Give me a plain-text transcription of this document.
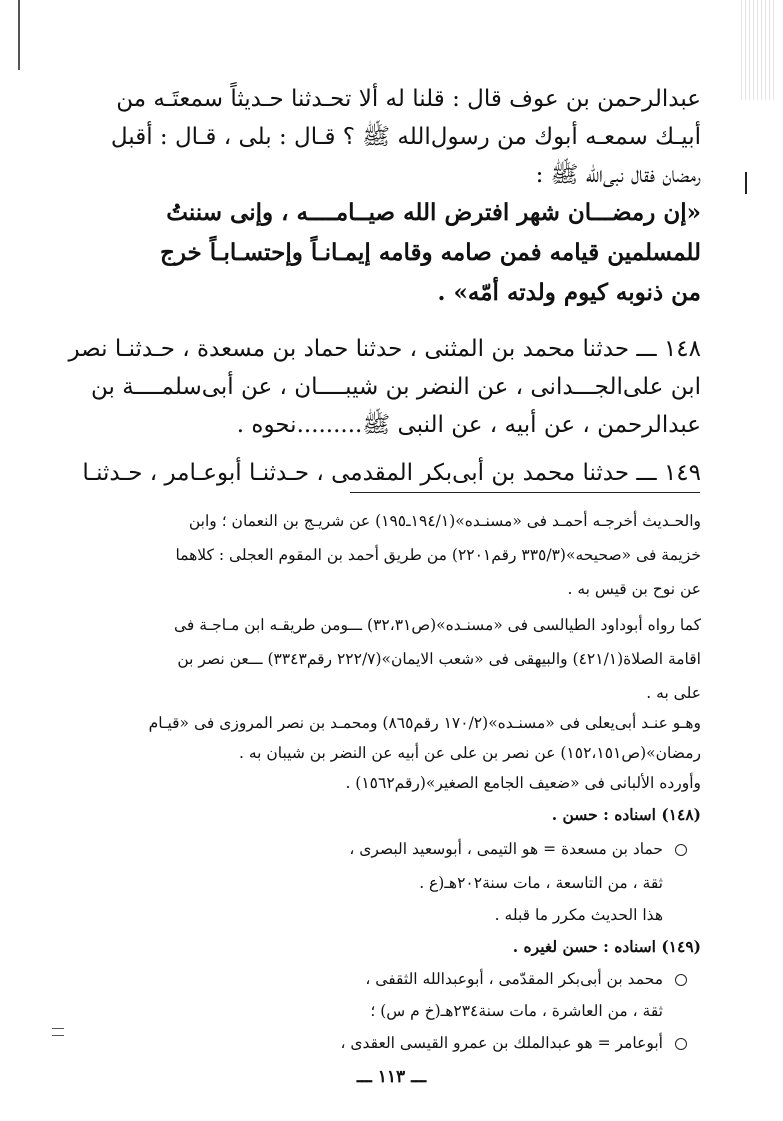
عبدالرحمن بن عوف قال : قلنا له ألا تحـدثنا حـديثاً سمعتَـه من
أبيـك سمعـه أبوك من رسول‌الله ﷺ ؟ قـال : بلى ، قـال : أقبل
رمضان فقال نبى‌الله ﷺ :
«إن رمضـــان شهر افترض الله صيــامــــه ، وإنى سننتُ
للمسلمين قيامه فمن صامه وقامه إيمـانـاً وإحتسـابـاً خرج
من ذنوبه كيوم ولدته أمّه» .
١٤٨ ـــ حدثنا محمد بن المثنى ، حدثنا حماد بن مسعدة ، حـدثنـا نصر
ابن على‌الجـــدانى ، عن النضر بن شيبــــان ، عن أبى‌سلمــــة بن
عبدالرحمن ، عن أبيه ، عن النبى ﷺ.........نحوه .
١٤٩ ـــ حدثنا محمد بن أبى‌بكر المقدمى ، حـدثنـا أبوعـامر ، حـدثنـا
والحـديث أخرجـه أحمـد فى «مسنـده»(١٩٤/١ـ١٩٥) عن شريـج بن النعمان ؛ وابن
خزيمة فى «صحيحه»(٣٣٥/٣ رقم٢٢٠١) من طريق أحمد بن المقوم العجلى : كلاهما
عن نوح بن قيس به .
كما رواه أبوداود الطيالسى فى «مسنـده»(ص٣٢،٣١) ـــومن طريقـه ابن مـاجـة فى
اقامة الصلاة(٤٢١/١) والبيهقى فى «شعب الايمان»(٢٢٢/٧ رقم٣٣٤٣) ـــعن نصر بن
على به .
وهـو عنـد أبى‌يعلى فى «مسنـده»(١٧٠/٢ رقم٨٦٥) ومحمـد بن نصر المروزى فى «قيـام
رمضان»(ص١٥٢،١٥١) عن نصر بن على عن أبيه عن النضر بن شيبان به .
وأورده الألبانى فى «ضعيف الجامع الصغير»(رقم١٥٦٢) .
(١٤٨) اسناده : حسن .
حماد بن مسعدة = هو التيمى ، أبوسعيد البصرى ،
ثقة ، من التاسعة ، مات سنة٢٠٢هـ(ع .
هذا الحديث مكرر ما قبله .
(١٤٩) اسناده : حسن لغيره .
محمد بن أبى‌بكر المقدّمى ، أبوعبدالله الثقفى ،
ثقة ، من العاشرة ، مات سنة٢٣٤هـ(خ م س) ؛
أبوعامر = هو عبدالملك بن عمرو القيسى العقدى ،
ـــ ١١٣ ـــ
